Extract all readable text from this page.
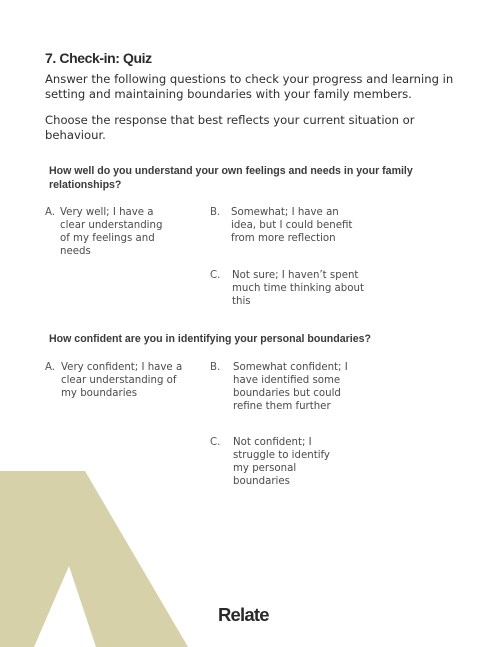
7. Check-in: Quiz

Answer the following questions to check your progress and learning in setting and maintaining boundaries with your family members.

Choose the response that best reflects your current situation or behaviour.

How well do you understand your own feelings and needs in your family relationships?

A. Very well; I have a clear understanding of my feelings and needs
B.	Somewhat; I have an idea, but I could benefit from more reflection
C.	Not sure; I haven’t spent much time thinking about this

How confident are you in identifying your personal boundaries?

A. Very confident; I have a clear understanding of my boundaries
B.	Somewhat confident; I have identified some boundaries but could refine them further
C.	Not confident; I struggle to identify my personal boundaries
Relate
